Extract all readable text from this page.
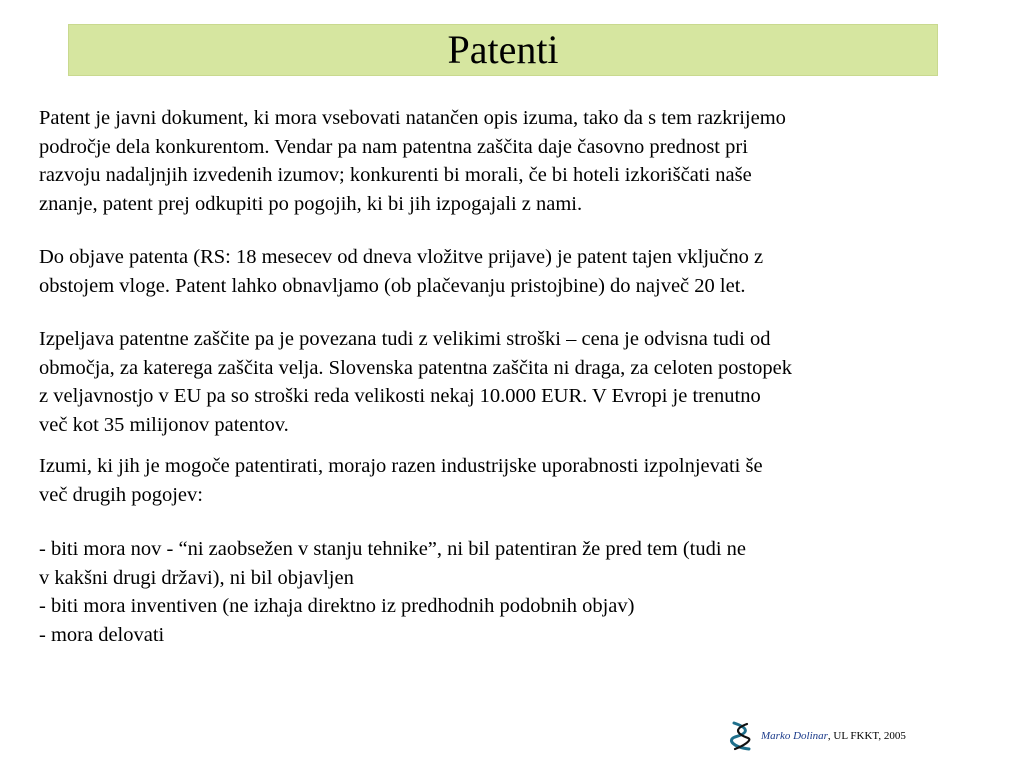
Patenti

Patent je javni dokument, ki mora vsebovati natančen opis izuma, tako da s tem razkrijemo
področje dela konkurentom. Vendar pa nam patentna zaščita daje časovno prednost pri
razvoju nadaljnjih izvedenih izumov; konkurenti bi morali, če bi hoteli izkoriščati naše
znanje, patent prej odkupiti po pogojih, ki bi jih izpogajali z nami.

Do objave patenta (RS: 18 mesecev od dneva vložitve prijave) je patent tajen vključno z
obstojem vloge. Patent lahko obnavljamo (ob plačevanju pristojbine) do največ 20 let.

Izpeljava patentne zaščite pa je povezana tudi z velikimi stroški – cena je odvisna tudi od
območja, za katerega zaščita velja. Slovenska patentna zaščita ni draga, za celoten postopek
z veljavnostjo v EU pa so stroški reda velikosti nekaj 10.000 EUR. V Evropi je trenutno
več kot 35 milijonov patentov.

Izumi, ki jih je mogoče patentirati, morajo razen industrijske uporabnosti izpolnjevati še
več drugih pogojev:

- biti mora nov - “ni zaobsežen v stanju tehnike”, ni bil patentiran že pred tem (tudi ne
v kakšni drugi državi), ni bil objavljen
- biti mora inventiven (ne izhaja direktno iz predhodnih podobnih objav)
- mora delovati

Marko Dolinar, UL FKKT, 2005
